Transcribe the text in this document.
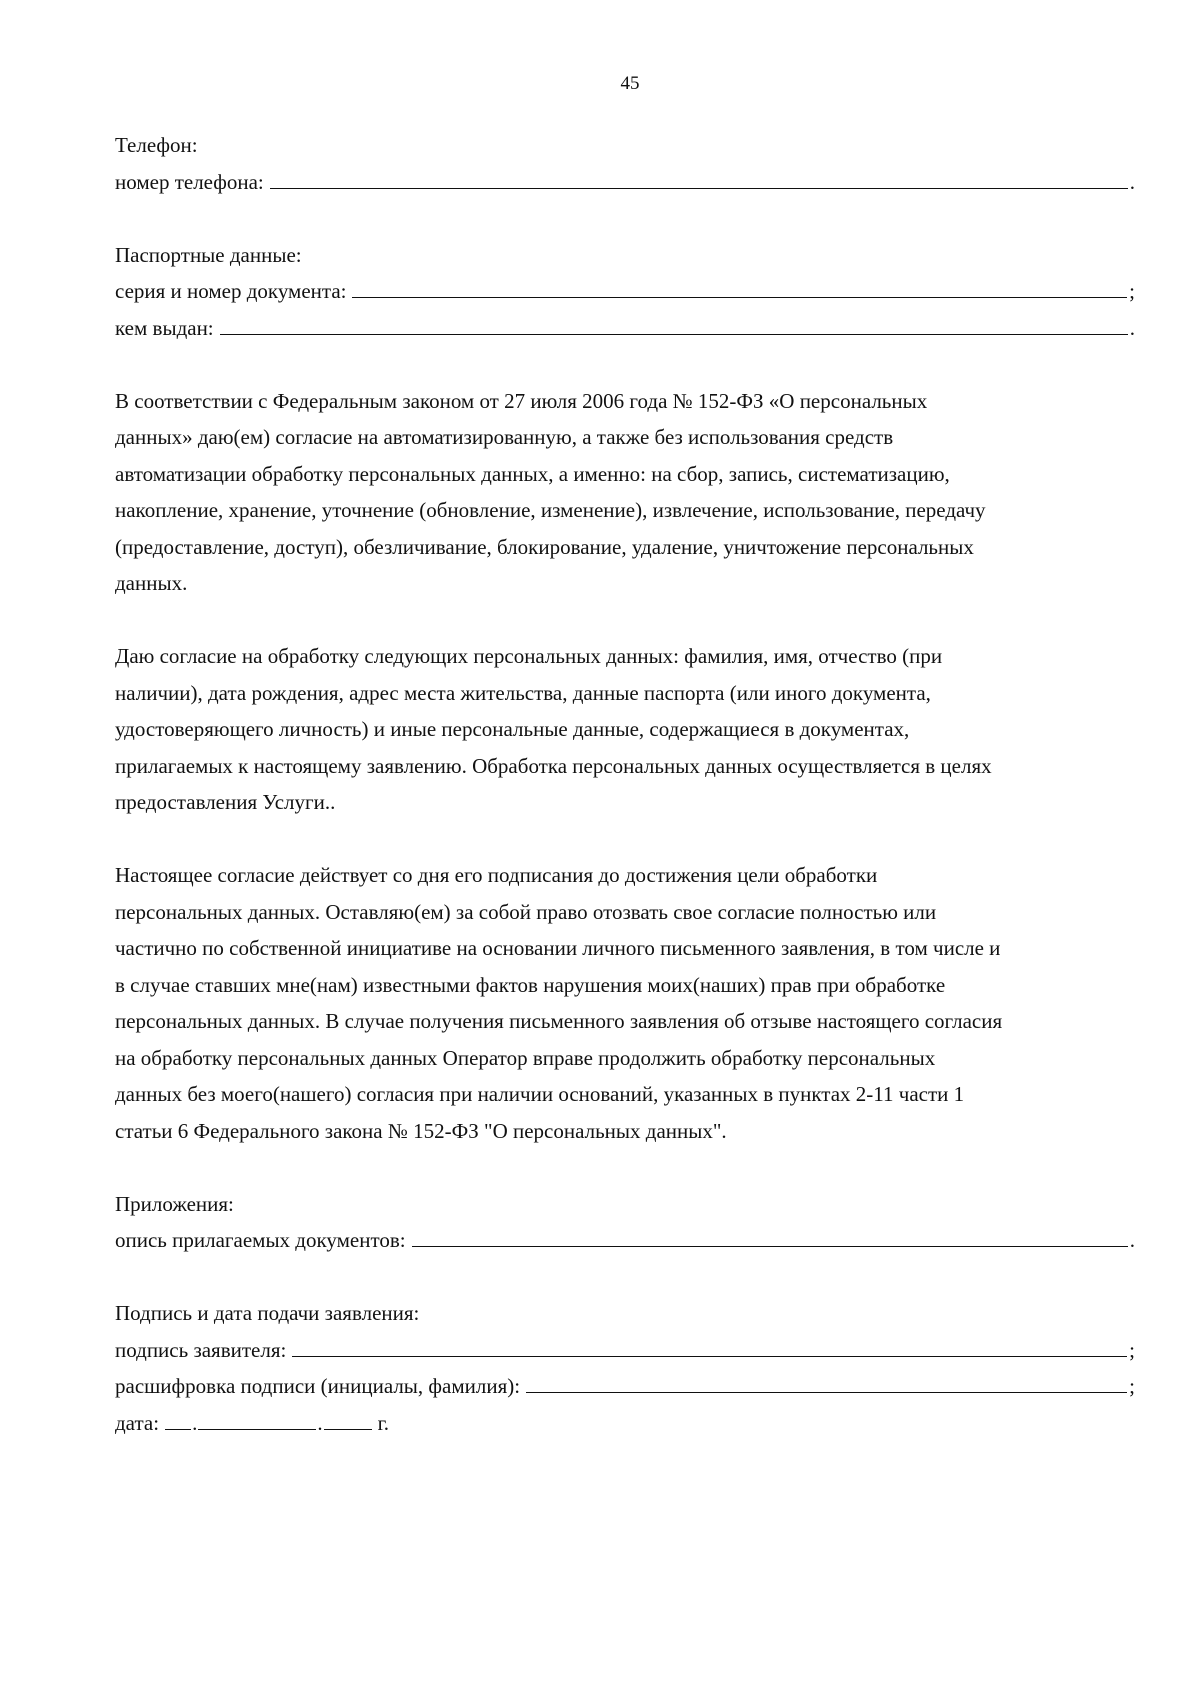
45
Телефон:
номер телефона:	.
Паспортные данные:
серия и номер документа:	;
кем выдан:	.

В соответствии с Федеральным законом от 27 июля 2006 года № 152-ФЗ «О персональных
данных» даю(ем) согласие на автоматизированную, а также без использования средств
автоматизации обработку персональных данных, а именно: на сбор, запись, систематизацию,
накопление, хранение, уточнение (обновление, изменение), извлечение, использование, передачу
(предоставление, доступ), обезличивание, блокирование, удаление, уничтожение персональных
данных.

Даю согласие на обработку следующих персональных данных: фамилия, имя, отчество (при
наличии), дата рождения, адрес места жительства, данные паспорта (или иного документа,
удостоверяющего личность) и иные персональные данные, содержащиеся в документах,
прилагаемых к настоящему заявлению. Обработка персональных данных осуществляется в целях
предоставления Услуги..

Настоящее согласие действует со дня его подписания до достижения цели обработки
персональных данных. Оставляю(ем) за собой право отозвать свое согласие полностью или
частично по собственной инициативе на основании личного письменного заявления, в том числе и
в случае ставших мне(нам) известными фактов нарушения моих(наших) прав при обработке
персональных данных. В случае получения письменного заявления об отзыве настоящего согласия
на обработку персональных данных Оператор вправе продолжить обработку персональных
данных без моего(нашего) согласия при наличии оснований, указанных в пунктах 2-11 части 1
статьи 6 Федерального закона № 152-ФЗ "О персональных данных".

Приложения:
опись прилагаемых документов:	.
Подпись и дата подачи заявления:
подпись заявителя:	;
расшифровка подписи (инициалы, фамилия):	;
дата: .	.	г.
